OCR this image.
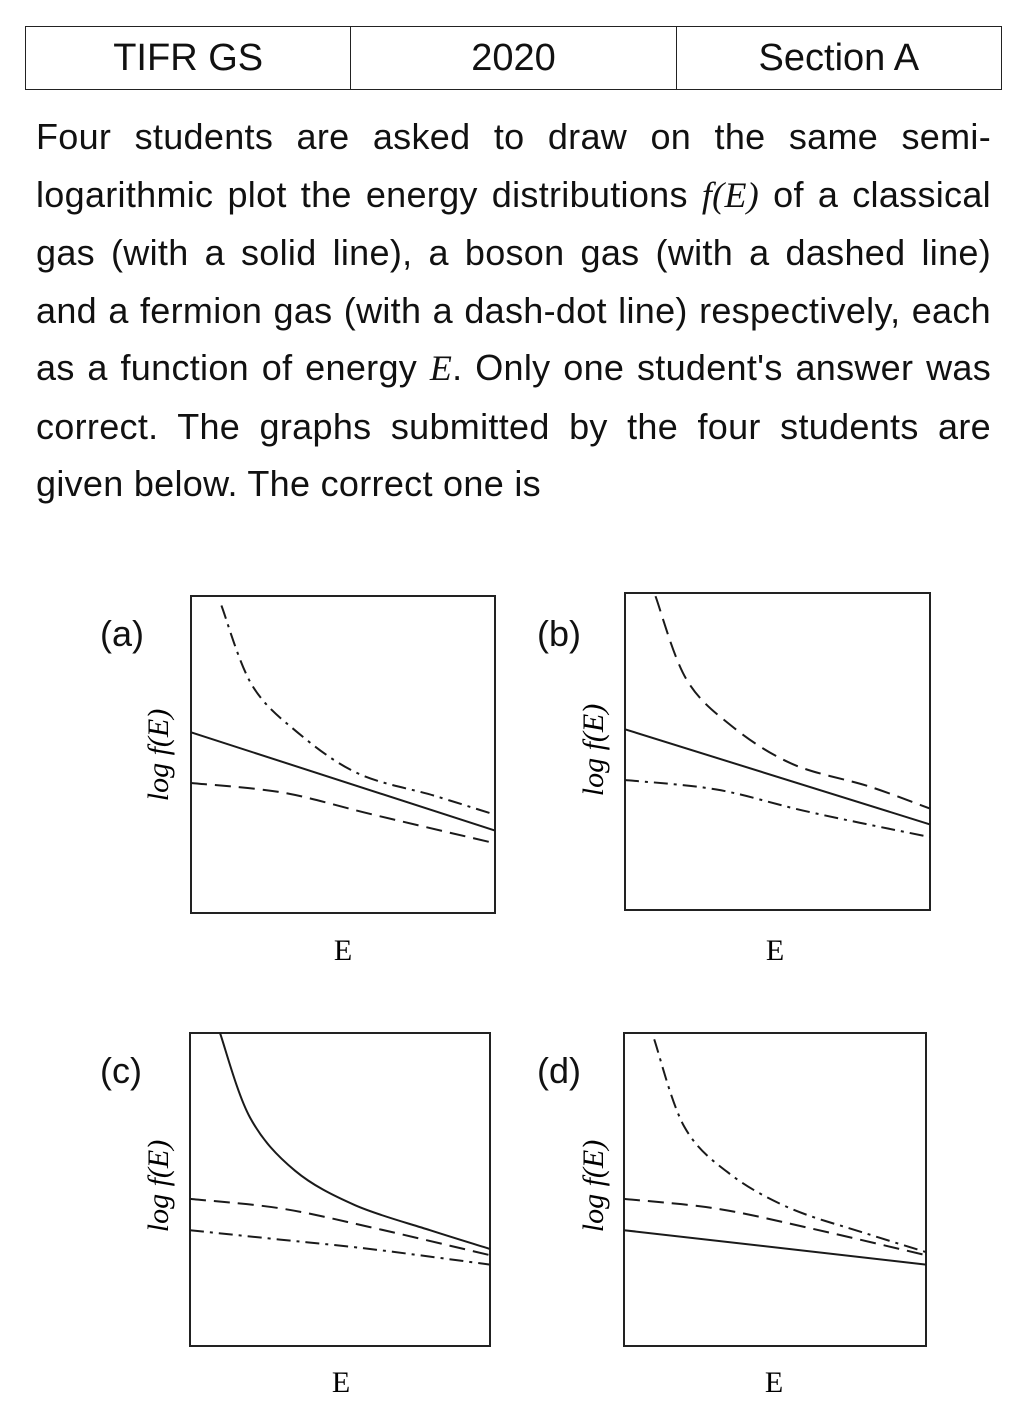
TIFR GS	2020	Section A
Four students are asked to draw on the same semi-logarithmic plot the energy distributions f(E) of a classical gas (with a solid line), a boson gas (with a dashed line) and a fermion gas (with a dash-dot line) respectively, each as a function of energy E. Only one student's answer was correct. The graphs submitted by the four students are given below. The correct one is
(a)	(b)
(c)	(d)
log f(E)	log f(E)
log f(E)	log f(E)
E	E
E	E
